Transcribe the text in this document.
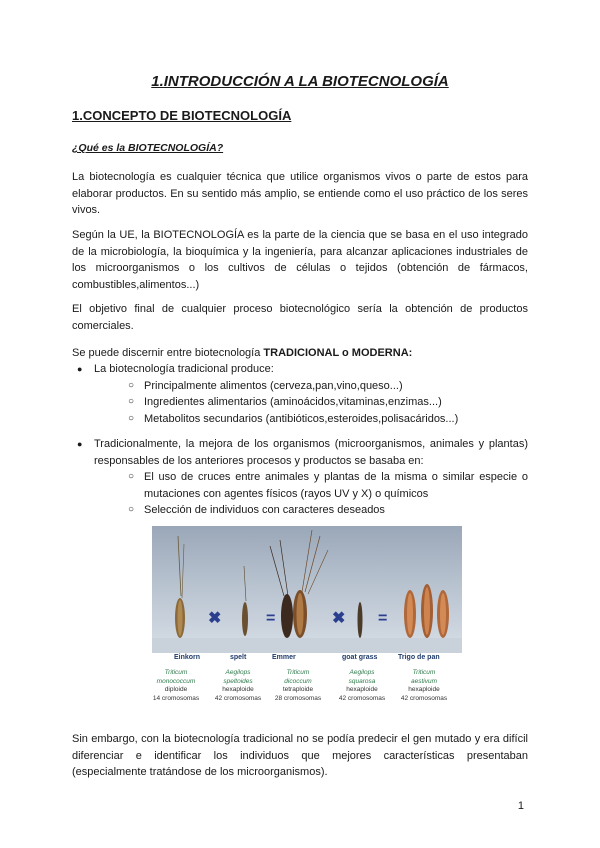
1.INTRODUCCIÓN A LA BIOTECNOLOGÍA
1.CONCEPTO DE BIOTECNOLOGÍA
¿Qué es la BIOTECNOLOGÍA?

La biotecnología es cualquier técnica que utilice organismos vivos o parte de estos para elaborar productos. En su sentido más amplio, se entiende como el uso práctico de los seres vivos.

Según la UE, la BIOTECNOLOGÍA es la parte de la ciencia que se basa en el uso integrado de la microbiología, la bioquímica y la ingeniería, para alcanzar aplicaciones industriales de los microorganismos o los cultivos de células o tejidos (obtención de fármacos, combustibles,alimentos...)

El objetivo final de cualquier proceso biotecnológico sería la obtención de productos comerciales.

Se puede discernir entre biotecnología TRADICIONAL o MODERNA:

● La biotecnología tradicional produce:
○ Principalmente alimentos (cerveza,pan,vino,queso...)
○ Ingredientes alimentarios (aminoácidos,vitaminas,enzimas...)
○ Metabolitos secundarios (antibióticos,esteroides,polisacáridos...)
● Tradicionalmente, la mejora de los organismos (microorganismos, animales y plantas) responsables de los anteriores procesos y productos se basaba en:
○ El uso de cruces entre animales y plantas de la misma o similar especie o mutaciones con agentes físicos (rayos UV y X) o químicos
○ Selección de individuos con caracteres deseados
✖	=	✖ =
Einkorn	spelt	Emmer	goat grass	Trigo de pan
Triticum
monococcum
diploide
14 cromosomas
Aegilops
speltoides
hexaploide
42 cromosomas
Triticum
dicoccum
tetraploide
28 cromosomas
Aegilops
squarosa
hexaploide
42 cromosomas
Triticum
aestivum
hexaploide
42 cromosomas

Sin embargo, con la biotecnología tradicional no se podía predecir el gen mutado y era difícil diferenciar e identificar los individuos que mejores características presentaban (especialmente tratándose de los microorganismos).

1
